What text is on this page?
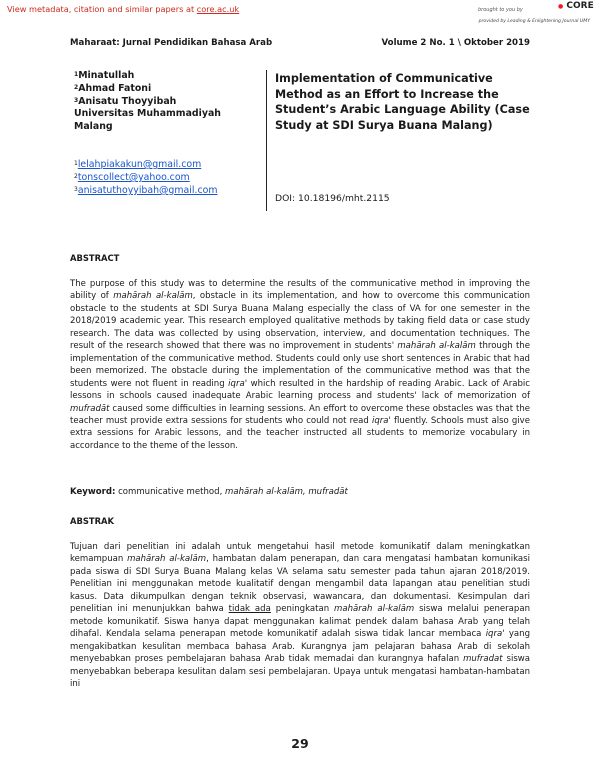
View metadata, citation and similar papers at core.ac.uk	brought to you by	● CORE
provided by Leading & Enlightening Journal UMY
Maharaat: Jurnal Pendidikan Bahasa Arab	Volume 2 No. 1 \ Oktober 2019
$^1$Minatullah
$^2$Ahmad Fatoni
$^3$Anisatu Thoyyibah
Universitas Muhammadiyah
Malang
$^1$lelahpiakakun@gmail.com
$^2$tonscollect@yahoo.com
$^3$anisatuthoyyibah@gmail.com
Implementation of Communicative Method as an Effort to Increase the Student’s Arabic Language Ability (Case Study at SDI Surya Buana Malang)
DOI: 10.18196/mht.2115
ABSTRACT
The purpose of this study was to determine the results of the communicative method in improving the ability of mahārah al-kalām, obstacle in its implementation, and how to overcome this communication obstacle to the students at SDI Surya Buana Malang especially the class of VA for one semester in the 2018/2019 academic year. This research employed qualitative methods by taking field data or case study research. The data was collected by using observation, interview, and documentation techniques. The result of the research showed that there was no improvement in students' mahārah al-kalām through the implementation of the communicative method. Students could only use short sentences in Arabic that had been memorized. The obstacle during the implementation of the communicative method was that the students were not fluent in reading iqra' which resulted in the hardship of reading Arabic. Lack of Arabic lessons in schools caused inadequate Arabic learning process and students' lack of memorization of mufradāt caused some difficulties in learning sessions. An effort to overcome these obstacles was that the teacher must provide extra sessions for students who could not read iqra' fluently. Schools must also give extra sessions for Arabic lessons, and the teacher instructed all students to memorize vocabulary in accordance to the theme of the lesson.
Keyword: communicative method, mahārah al-kalām, mufradāt
ABSTRAK
Tujuan dari penelitian ini adalah untuk mengetahui hasil metode komunikatif dalam meningkatkan kemampuan mahārah al-kalām, hambatan dalam penerapan, dan cara mengatasi hambatan komunikasi pada siswa di SDI Surya Buana Malang kelas VA selama satu semester pada tahun ajaran 2018/2019. Penelitian ini menggunakan metode kualitatif dengan mengambil data lapangan atau penelitian studi kasus. Data dikumpulkan dengan teknik observasi, wawancara, dan dokumentasi. Kesimpulan dari penelitian ini menunjukkan bahwa tidak ada peningkatan mahārah al-kalām siswa melalui penerapan metode komunikatif. Siswa hanya dapat menggunakan kalimat pendek dalam bahasa Arab yang telah dihafal. Kendala selama penerapan metode komunikatif adalah siswa tidak lancar membaca iqra' yang mengakibatkan kesulitan membaca bahasa Arab. Kurangnya jam pelajaran bahasa Arab di sekolah menyebabkan proses pembelajaran bahasa Arab tidak memadai dan kurangnya hafalan mufradat siswa menyebabkan beberapa kesulitan dalam sesi pembelajaran. Upaya untuk mengatasi hambatan-hambatan ini
29
